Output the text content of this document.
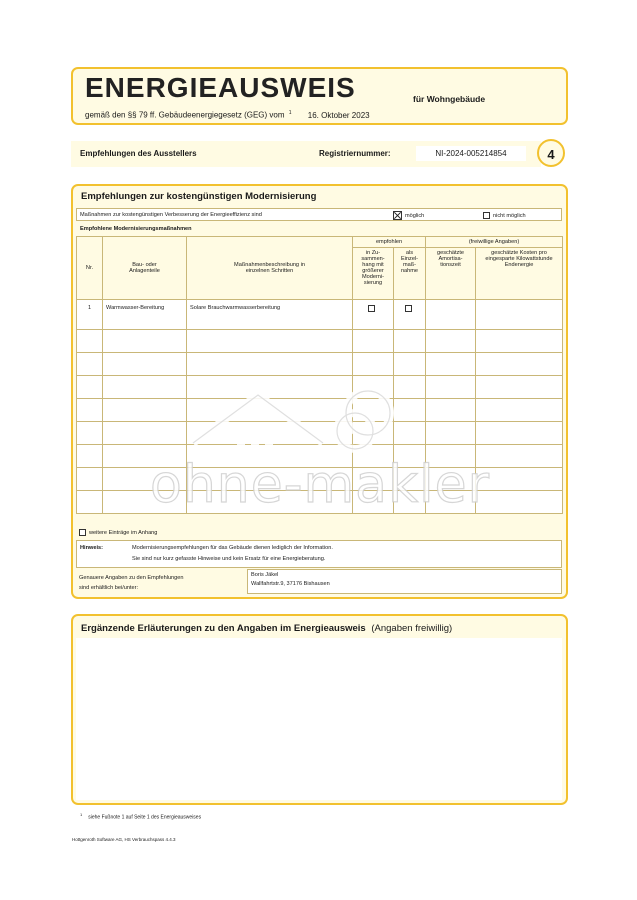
ENERGIEAUSWEIS	für Wohngebäude
gemäß den §§ 79 ff. Gebäudeenergiegesetz (GEG) vom $^1$ 16. Oktober 2023
Empfehlungen des Ausstellers	Registriernummer:	NI-2024-005214854	4
Empfehlungen zur kostengünstigen Modernisierung
Maßnahmen zur kostengünstigen Verbesserung der Energieeffizienz sind	möglich	nicht möglich
Empfohlene Modernisierungsmaßnahmen
Nr.	Bau- oder Anlagenteile	Maßnahmenbeschreibung in einzelnen Schritten	empfohlen		(freiwillige Angaben)	
			in Zu-sammen-hang mit größerer Moderni-sierung	als Einzel-maß-nahme	geschätzte Amortisa-tionszeit	geschätzte Kosten pro eingesparte Kilowattstunde Endenergie
1	Warmwasser-Bereitung	Solare Brauchwarmwasserbereitung				

weitere Einträge im Anhang
Hinweis:	Modernisierungsempfehlungen für das Gebäude dienen lediglich der Information.
Sie sind nur kurz gefasste Hinweise und kein Ersatz für eine Energieberatung.
Genauere Angaben zu den Empfehlungen
sind erhältlich bei/unter:
Boris Jäkel
Wallfahrtstr.9, 37176 Bishausen
Ergänzende Erläuterungen zu den Angaben im Energieausweis (Angaben freiwillig)
$^1$siehe Fußnote 1 auf Seite 1 des Energieausweises
Hottgenroth Software AG, HS Verbrauchspass 4.4.3
ohne-makler
